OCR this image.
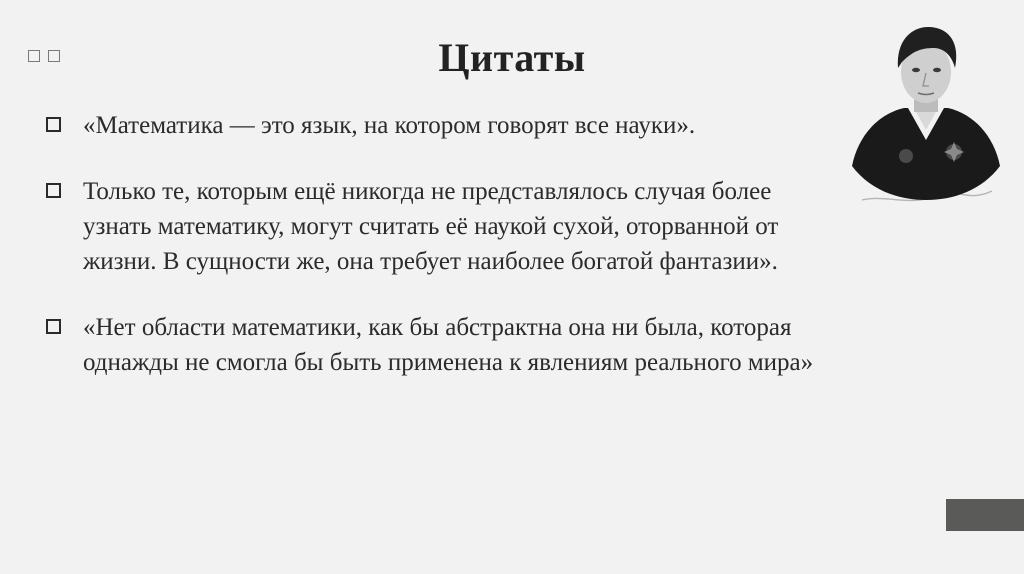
Цитаты
«Математика — это язык, на котором говорят все науки».
Только те, которым ещё никогда не представлялось случая более узнать математику, могут считать её наукой сухой, оторванной от жизни. В сущности же, она требует наиболее богатой фантазии».
«Нет области математики, как бы абстрактна она ни была, которая однажды не смогла бы быть применена к явлениям реального мира»
